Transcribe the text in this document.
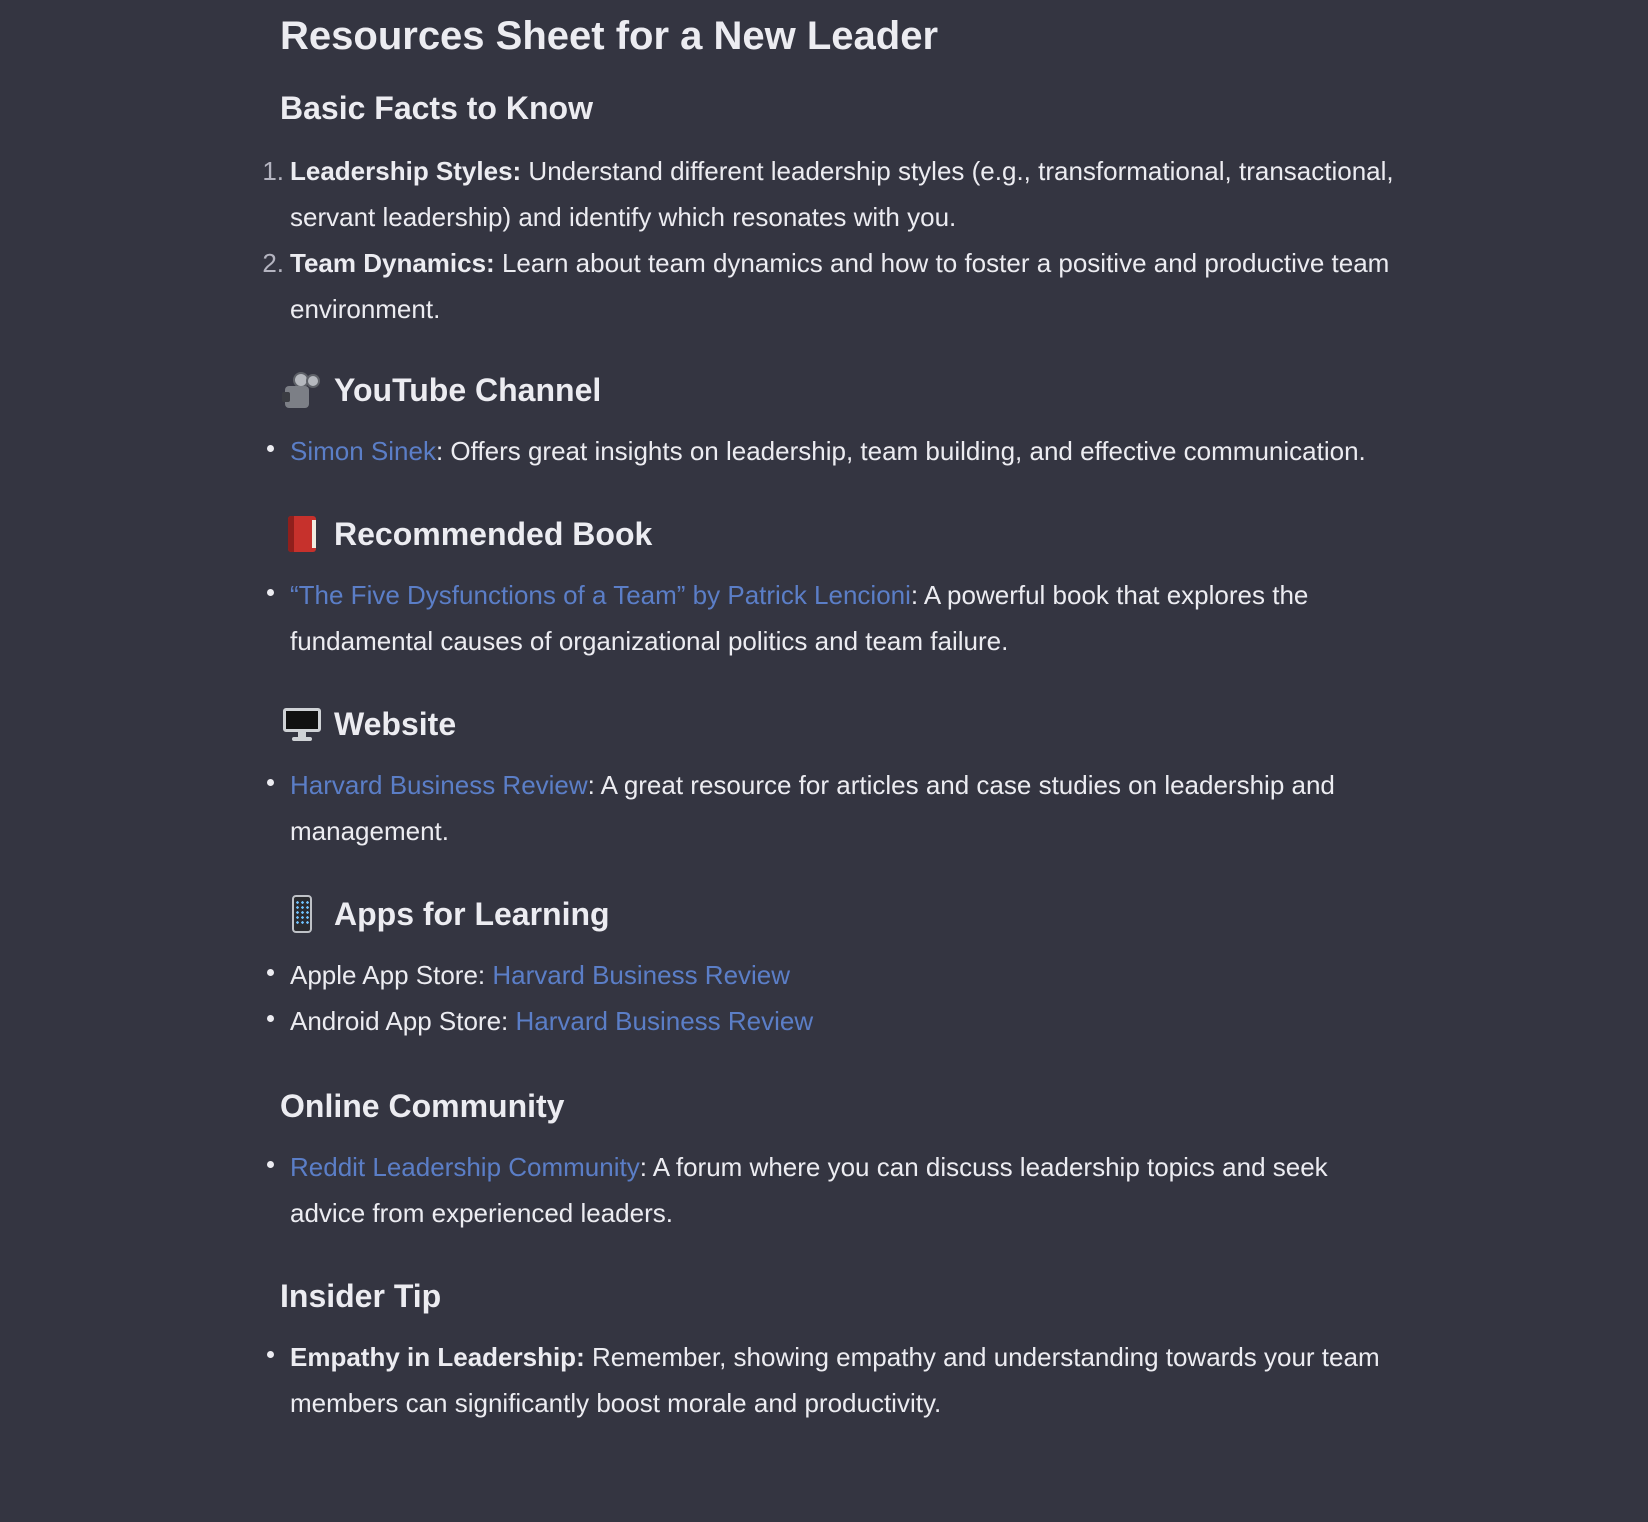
Resources Sheet for a New Leader
Basic Facts to Know
1. Leadership Styles: Understand different leadership styles (e.g., transformational, transactional,
servant leadership) and identify which resonates with you.
2. Team Dynamics: Learn about team dynamics and how to foster a positive and productive team
environment.
YouTube Channel
Simon Sinek: Offers great insights on leadership, team building, and effective communication.
Recommended Book
“The Five Dysfunctions of a Team” by Patrick Lencioni: A powerful book that explores the
fundamental causes of organizational politics and team failure.
Website
Harvard Business Review: A great resource for articles and case studies on leadership and
management.
Apps for Learning
Apple App Store: Harvard Business Review
Android App Store: Harvard Business Review
Online Community
Reddit Leadership Community: A forum where you can discuss leadership topics and seek
advice from experienced leaders.
Insider Tip
Empathy in Leadership: Remember, showing empathy and understanding towards your team
members can significantly boost morale and productivity.
